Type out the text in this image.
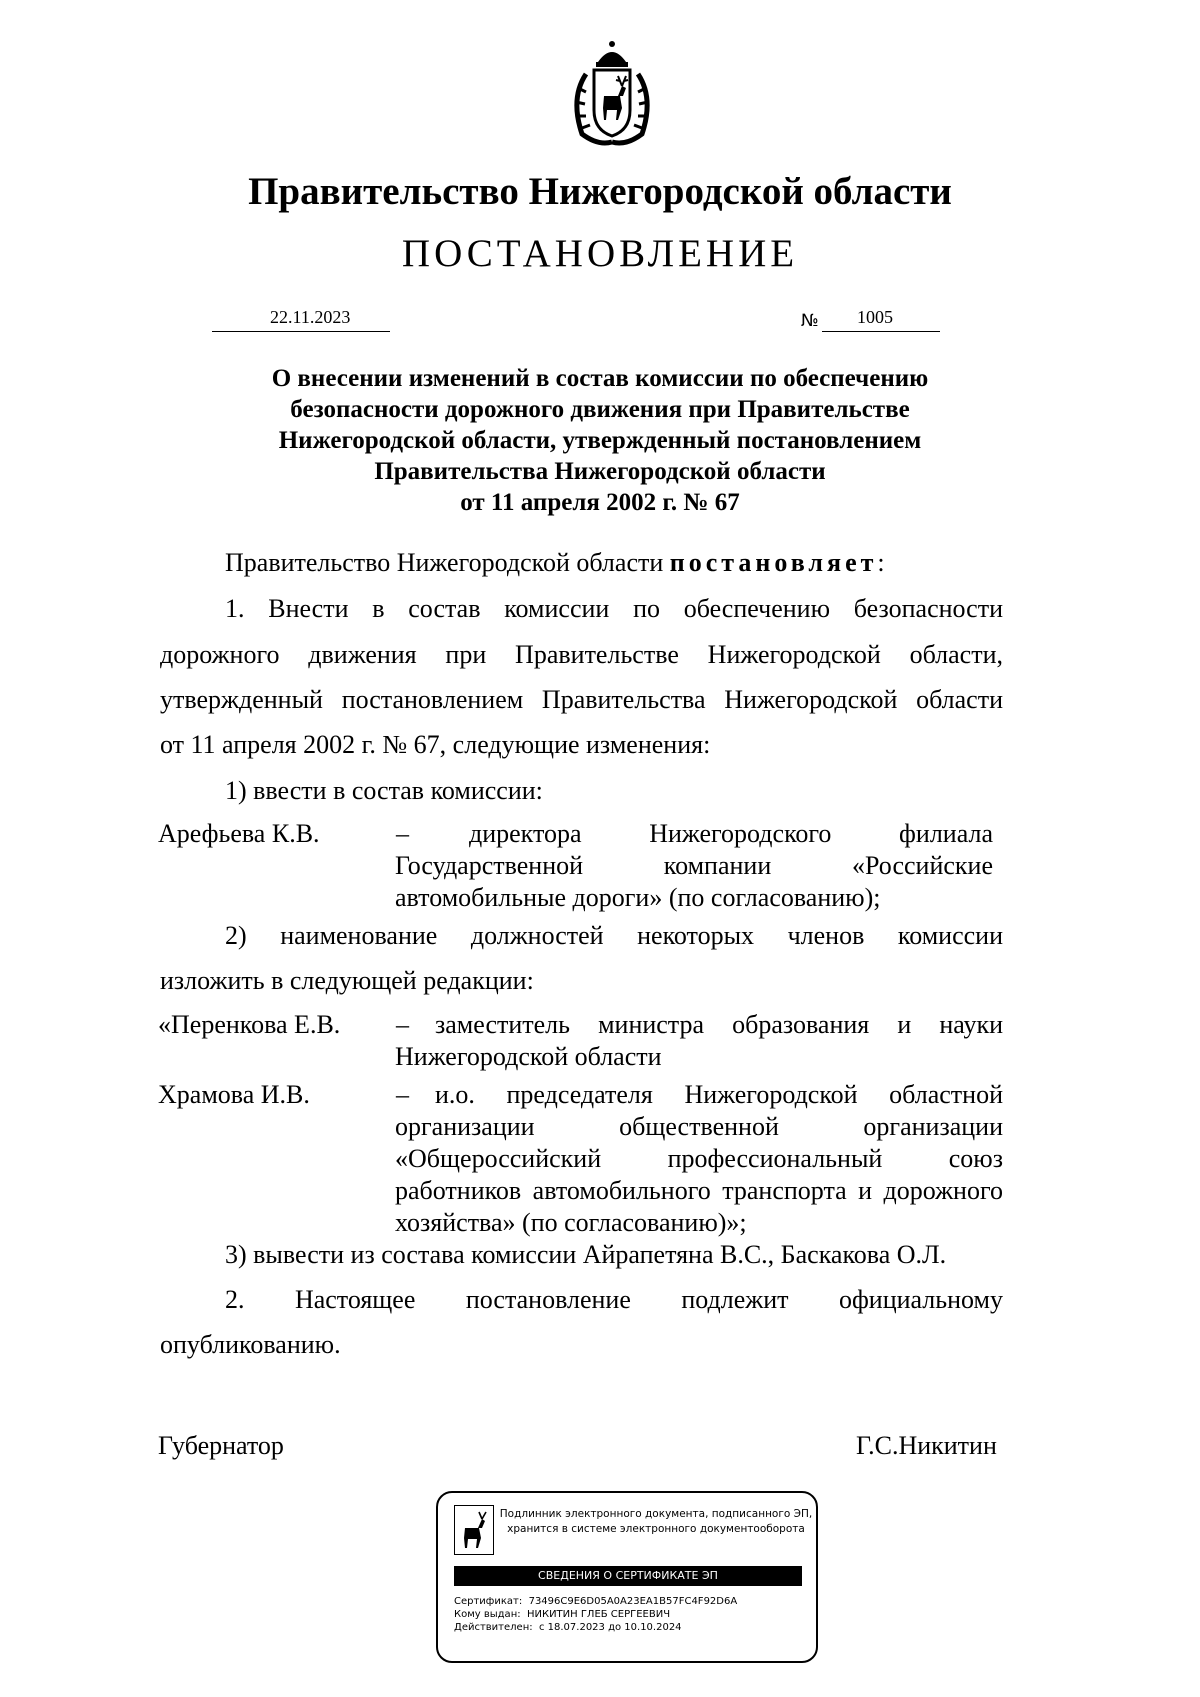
Правительство Нижегородской области
ПОСТАНОВЛЕНИЕ
22.11.2023	№ 1005
О внесении изменений в состав комиссии по обеспечению
безопасности дорожного движения при Правительстве
Нижегородской области, утвержденный постановлением
Правительства Нижегородской области
от 11 апреля 2002 г. № 67
Правительство Нижегородской области постановляет:
1. Внести в состав комиссии по обеспечению безопасности
дорожного движения при Правительстве Нижегородской области,
утвержденный постановлением Правительства Нижегородской области
от 11 апреля 2002 г. № 67, следующие изменения:
1) ввести в состав комиссии:
Арефьева К.В.	–	директора Нижегородского филиала
Государственной компании «Российские
автомобильные дороги» (по согласованию);
2) наименование должностей некоторых членов комиссии
изложить в следующей редакции:
«Перенкова Е.В. –	заместитель министра образования и науки
Нижегородской области
Храмова И.В.	–	и.о. председателя Нижегородской областной
организации общественной организации
«Общероссийский профессиональный союз
работников автомобильного транспорта и дорожного
хозяйства» (по согласованию)»;
3) вывести из состава комиссии Айрапетяна В.С., Баскакова О.Л.
2. Настоящее постановление подлежит официальному
опубликованию.
Губернатор	Г.С.Никитин
Подлинник электронного документа, подписанного ЭП,
хранится в системе электронного документооборота
СВЕДЕНИЯ О СЕРТИФИКАТЕ ЭП
Сертификат: 73496C9E6D05A0A23EA1B57FC4F92D6A
Кому выдан: НИКИТИН ГЛЕБ СЕРГЕЕВИЧ
Действителен: с 18.07.2023 до 10.10.2024
